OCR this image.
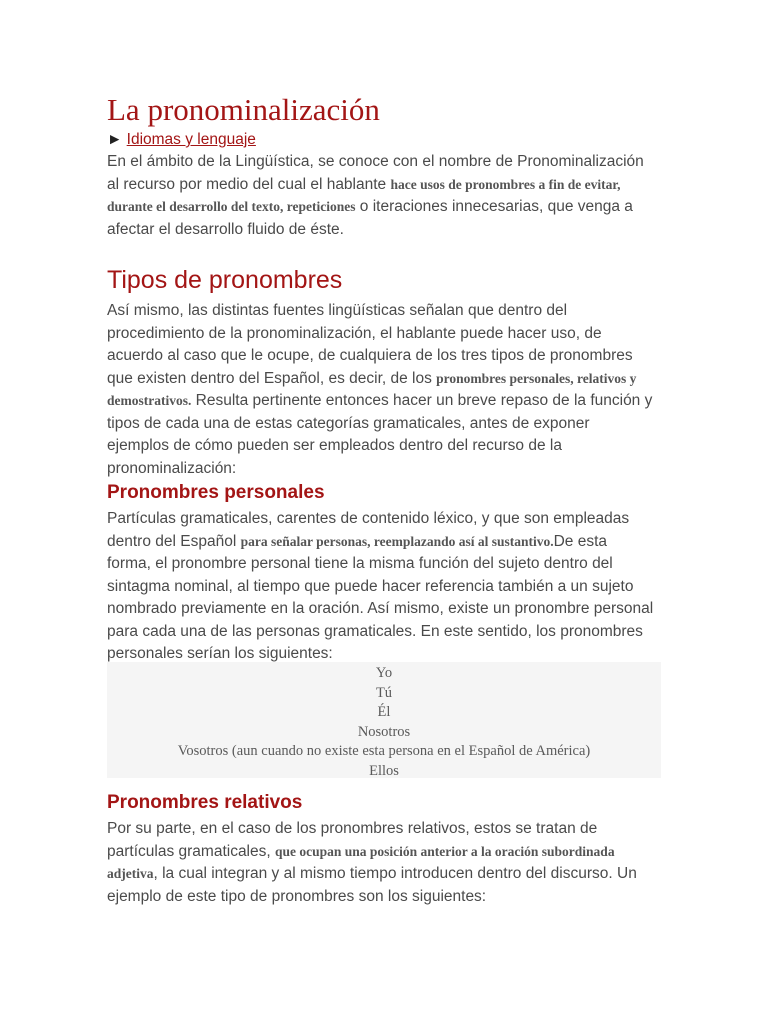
La pronominalización
► Idiomas y lenguaje

En el ámbito de la Lingüística, se conoce con el nombre de Pronominalización al recurso por medio del cual el hablante hace usos de pronombres a fin de evitar, durante el desarrollo del texto, repeticiones o iteraciones innecesarias, que venga a afectar el desarrollo fluido de éste.

Tipos de pronombres

Así mismo, las distintas fuentes lingüísticas señalan que dentro del procedimiento de la pronominalización, el hablante puede hacer uso, de acuerdo al caso que le ocupe, de cualquiera de los tres tipos de pronombres que existen dentro del Español, es decir, de los pronombres personales, relativos y demostrativos. Resulta pertinente entonces hacer un breve repaso de la función y tipos de cada una de estas categorías gramaticales, antes de exponer ejemplos de cómo pueden ser empleados dentro del recurso de la pronominalización:

Pronombres personales

Partículas gramaticales, carentes de contenido léxico, y que son empleadas dentro del Español para señalar personas, reemplazando así al sustantivo.De esta forma, el pronombre personal tiene la misma función del sujeto dentro del sintagma nominal, al tiempo que puede hacer referencia también a un sujeto nombrado previamente en la oración. Así mismo, existe un pronombre personal para cada una de las personas gramaticales. En este sentido, los pronombres personales serían los siguientes:

Yo
Tú
Él
Nosotros
Vosotros (aun cuando no existe esta persona en el Español de América)
Ellos
Pronombres relativos

Por su parte, en el caso de los pronombres relativos, estos se tratan de partículas gramaticales, que ocupan una posición anterior a la oración subordinada adjetiva, la cual integran y al mismo tiempo introducen dentro del discurso. Un ejemplo de este tipo de pronombres son los siguientes:
